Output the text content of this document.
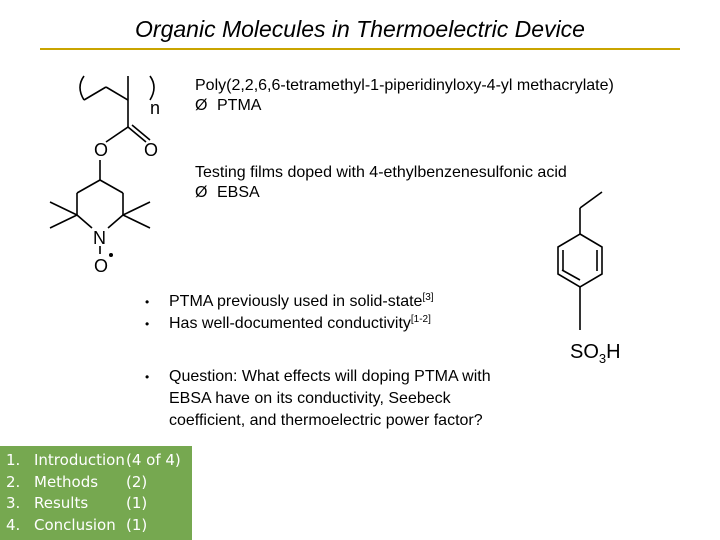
Organic Molecules in Thermoelectric Device
n
O O
N
O
Poly(2,2,6,6-tetramethyl-1-piperidinyloxy-4-yl methacrylate)
Ø PTMA
Testing films doped with 4-ethylbenzenesulfonic acid
Ø EBSA
$SO_3H$
• PTMA previously used in solid-state[3]
• Has well-documented conductivity[1-2]
• Question: What effects will doping PTMA with
EBSA have on its conductivity, Seebeck
coefficient, and thermoelectric power factor?
1. Introduction (4 of 4)
2. Methods	(2)
3. Results	(1)
4. Conclusion (1)
